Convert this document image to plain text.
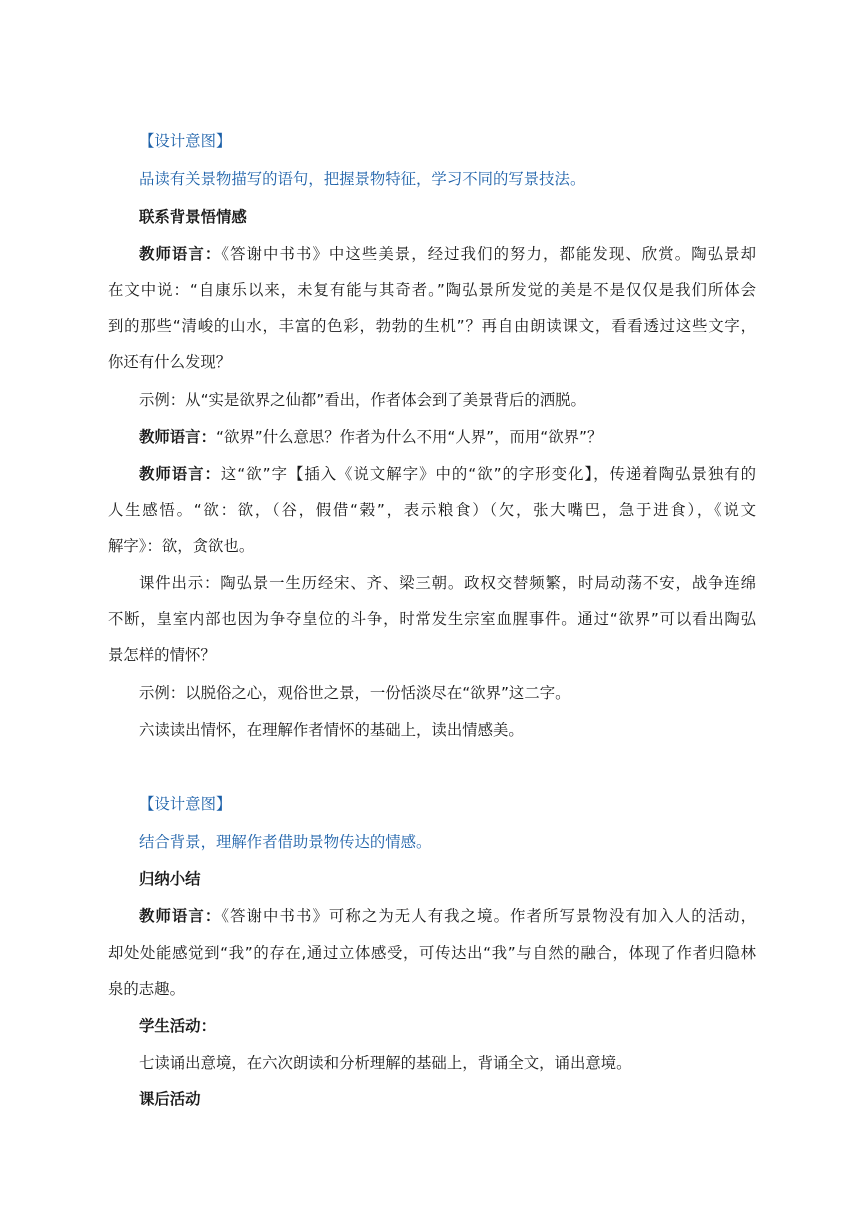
【设计意图】
品读有关景物描写的语句，把握景物特征，学习不同的写景技法。
联系背景悟情感
教师语言：《答谢中书书》中这些美景，经过我们的努力，都能发现、欣赏。陶弘景却
在文中说：“自康乐以来，未复有能与其奇者。”陶弘景所发觉的美是不是仅仅是我们所体会
到的那些“清峻的山水，丰富的色彩，勃勃的生机”？再自由朗读课文，看看透过这些文字，
你还有什么发现？
示例：从“实是欲界之仙都”看出，作者体会到了美景背后的洒脱。
教师语言：“欲界”什么意思？作者为什么不用“人界”，而用“欲界”？
教师语言：这“欲”字【插入《说文解字》中的“欲”的字形变化】，传递着陶弘景独有的
人生感悟。“欲：欲，（谷，假借“榖”，表示粮食）（欠，张大嘴巴，急于进食），《说文
解字》：欲，贪欲也。
课件出示：陶弘景一生历经宋、齐、梁三朝。政权交替频繁，时局动荡不安，战争连绵
不断，皇室内部也因为争夺皇位的斗争，时常发生宗室血腥事件。通过“欲界”可以看出陶弘
景怎样的情怀？
示例：以脱俗之心，观俗世之景，一份恬淡尽在“欲界”这二字。
六读读出情怀，在理解作者情怀的基础上，读出情感美。
【设计意图】
结合背景，理解作者借助景物传达的情感。
归纳小结
教师语言：《答谢中书书》可称之为无人有我之境。作者所写景物没有加入人的活动，
却处处能感觉到“我”的存在,通过立体感受，可传达出“我”与自然的融合，体现了作者归隐林
泉的志趣。
学生活动：
七读诵出意境，在六次朗读和分析理解的基础上，背诵全文，诵出意境。
课后活动
